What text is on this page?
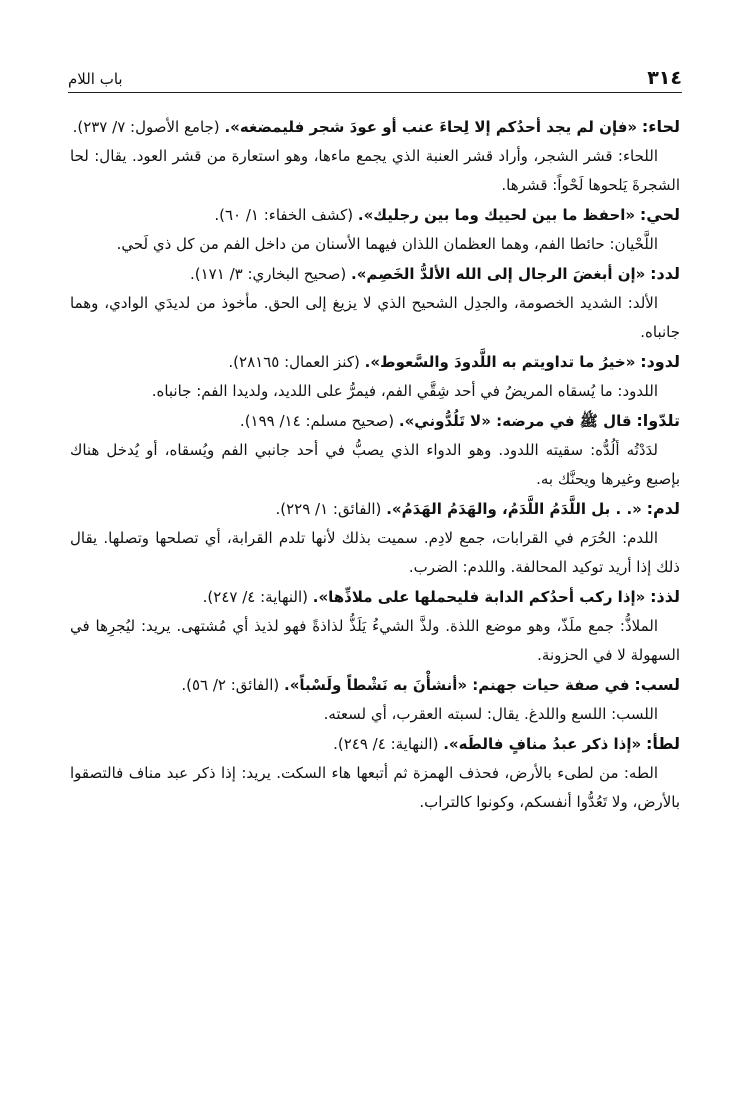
٣١٤
باب اللام
لحاء: «فإن لم يجد أحدُكم إلا لِحاءَ عنب أو عودَ شجر فليمضغه». (جامع الأصول: ٧/ ٢٣٧).
اللحاء: قشر الشجر، وأراد قشر العنبة الذي يجمع ماءها، وهو استعارة من قشر العود. يقال: لحا الشجرةَ يَلحوها لَحْواً: قشرها.
لحي: «احفظ ما بين لحييك وما بين رجليك». (كشف الخفاء: ١/ ٦٠).
اللَّحْيان: حائطا الفم، وهما العظمان اللذان فيهما الأسنان من داخل الفم من كل ذي لَحي.
لدد: «إن أبغضَ الرجال إلى الله الألدُّ الخَصِم». (صحيح البخاري: ٣/ ١٧١).
الألد: الشديد الخصومة، والجدِل الشحيح الذي لا يزيغ إلى الحق. مأخوذ من لديدَي الوادي، وهما جانباه.
لدود: «خيرُ ما تداويتم به اللَّدودَ والسَّعوط». (كنز العمال: ٢٨١٦٥).
اللدود: ما يُسقاه المريضُ في أحد شِقَّي الفم، فيمرُّ على اللديد، ولديدا الفم: جانباه.
تلدّوا: قال ﷺ في مرضه: «لا تَلُدُّوني». (صحيح مسلم: ١٤/ ١٩٩).
لدَدْتُه ألُدُّه: سقيته اللدود. وهو الدواء الذي يصبُّ في أحد جانبي الفم ويُسقاه، أو يُدخل هناك بإصبع وغيرها ويحنَّك به.
لدم: «. . بل اللَّدَمُ اللَّدَمُ، والهَدَمُ الهَدَمُ». (الفائق: ١/ ٢٢٩).
اللدم: الحُرَم في القرابات، جمع لادِم. سميت بذلك لأنها تلدم القرابة، أي تصلحها وتصلها. يقال ذلك إذا أريد توكيد المحالفة. واللدم: الضرب.
لذذ: «إذا ركب أحدُكم الدابة فليحملها على ملاذِّها». (النهاية: ٤/ ٢٤٧).
الملاذُّ: جمع ملَذّ، وهو موضع اللذة. ولذَّ الشيءُ يَلَذُّ لذاذةً فهو لذيذ أي مُشتهى. يريد: ليُجرِها في السهولة لا في الحزونة.
لسب: في صفة حيات جهنم: «أنشأْنَ به نَشْطاً ولَسْباً». (الفائق: ٢/ ٥٦).
اللسب: اللسع واللدغ. يقال: لسبته العقرب، أي لسعته.
لطأ: «إذا ذكر عبدُ منافٍ فالطَه». (النهاية: ٤/ ٢٤٩).
الطه: من لطىء بالأرض، فحذف الهمزة ثم أتبعها هاء السكت. يريد: إذا ذكر عبد مناف فالتصقوا بالأرض، ولا تَعُدُّوا أنفسكم، وكونوا كالتراب.
